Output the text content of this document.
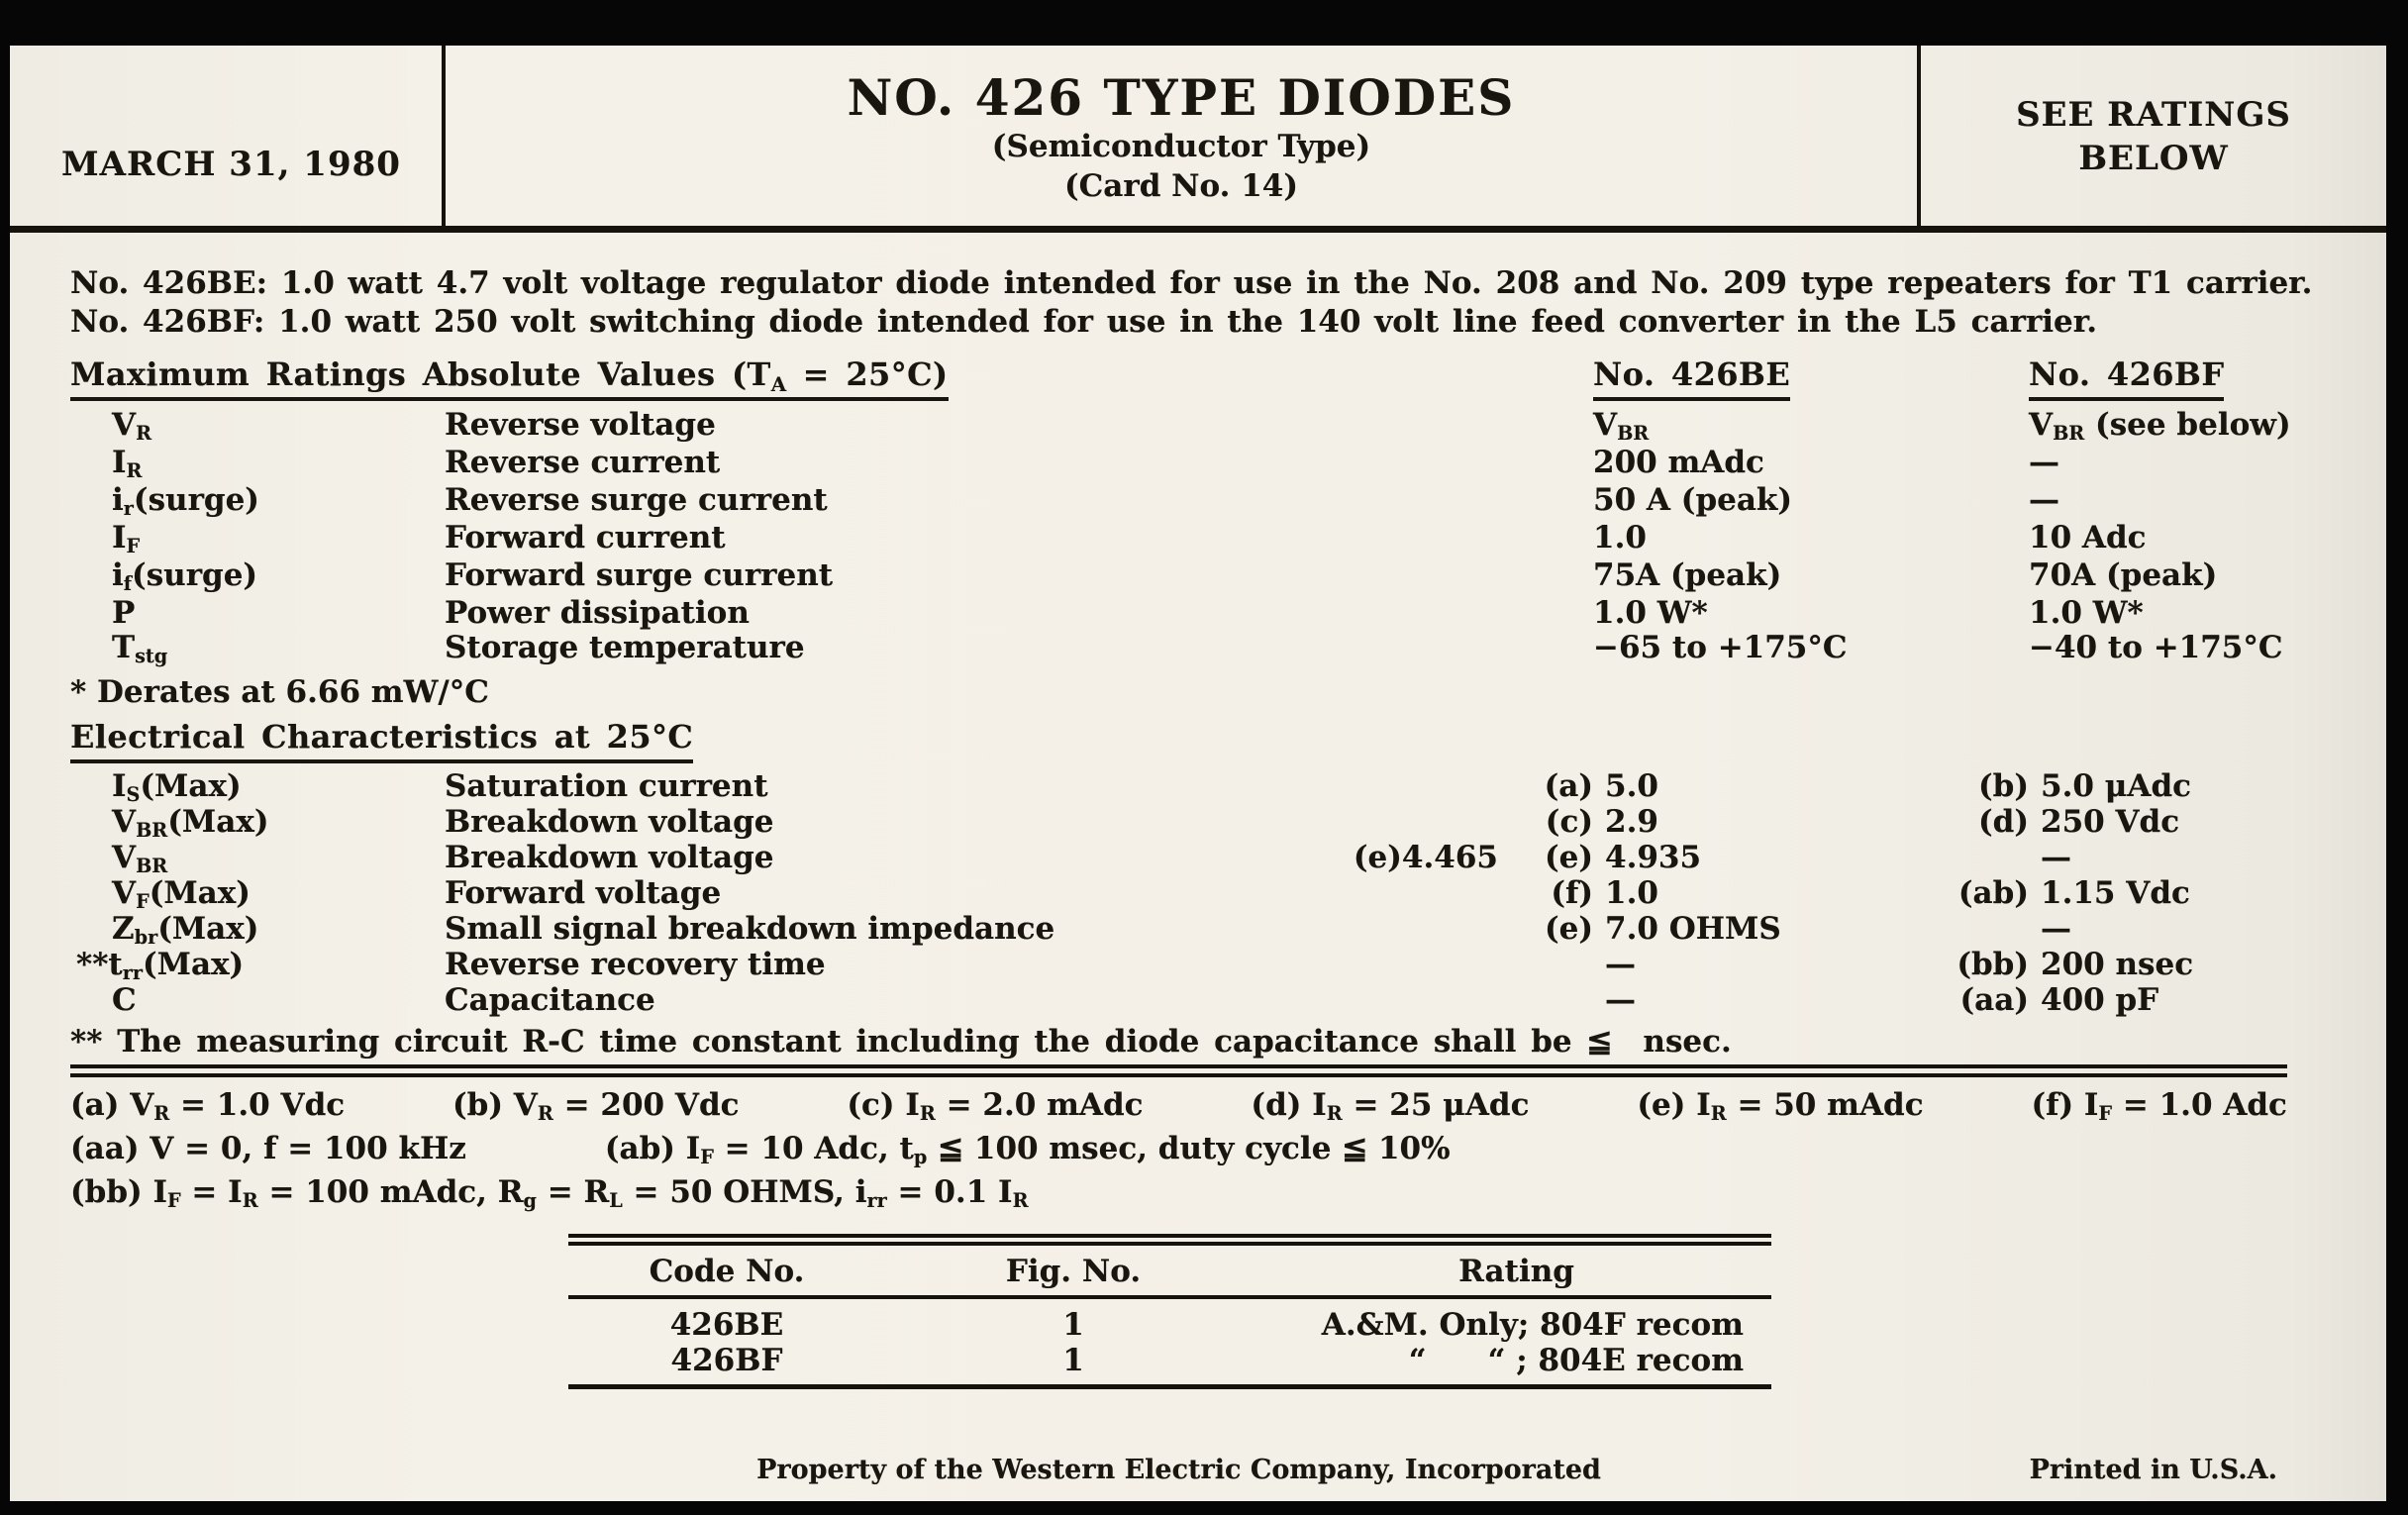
MARCH 31, 1980
NO. 426 TYPE DIODES
(Semiconductor Type)
(Card No. 14)
SEE RATINGS
BELOW
No. 426BE: 1.0 watt 4.7 volt voltage regulator diode intended for use in the No. 208 and No. 209 type repeaters for T1 carrier.
No. 426BF: 1.0 watt 250 volt switching diode intended for use in the 140 volt line feed converter in the L5 carrier.
Maximum Ratings Absolute Values $(T_A = 25^\circ C)$	No. 426BE	No. 426BF
$V_R$	Reverse voltage	$V_{BR}$	$V_{BR}$ (see below)
$I_R$	Reverse current	200 mAdc	—
$i_r(surge)$	Reverse surge current	50 A (peak)	—
$I_F$	Forward current	1.0	10 Adc
$i_f(surge)$	Forward surge current	75A (peak)	70A (peak)
P	Power dissipation	1.0 W*	1.0 W*
$T_{stg}$	Storage temperature	−65 to +175°C	−40 to +175°C
* Derates at 6.66 mW/°C
Electrical Characteristics at 25°C
$I_S(Max)$	Saturation current	(a) 5.0	(b) 5.0 μAdc
$V_{BR}(Max)$	Breakdown voltage	(c) 2.9	(d) 250 Vdc
$V_{BR}$	Breakdown voltage	(e)4.465	(e) 4.935	—
$V_F(Max)$	Forward voltage	(f) 1.0	(ab) 1.15 Vdc
$Z_{br}(Max)$	Small signal breakdown impedance	(e) 7.0 OHMS	—
$**t_{rr}(Max)$	Reverse recovery time	—	(bb) 200 nsec
C	Capacitance	—	(aa) 400 pF
** The measuring circuit R-C time constant including the diode capacitance shall be ≦  nsec.
(a) $V_R = 1.0$ Vdc	(b) $V_R = 200$ Vdc	(c) $I_R = 2.0$ mAdc	(d) $I_R = 25$ μAdc	(e) $I_R = 50$ mAdc	(f) $I_F = 1.0$ Adc
(aa) V = 0, f = 100 kHz	(ab) $I_F = 10$ Adc, $t_p$ ≦ 100 msec, duty cycle ≦ 10%
(bb) $I_F = I_R = 100$ mAdc, $R_g = R_L = 50$ OHMS, $i_{rr} = 0.1$ $I_R$
Code No.	Fig. No.	Rating
426BE	1	A.&M. Only; 804F recom
426BF	1	“    “ ; 804E recom
Property of the Western Electric Company, Incorporated	Printed in U.S.A.
